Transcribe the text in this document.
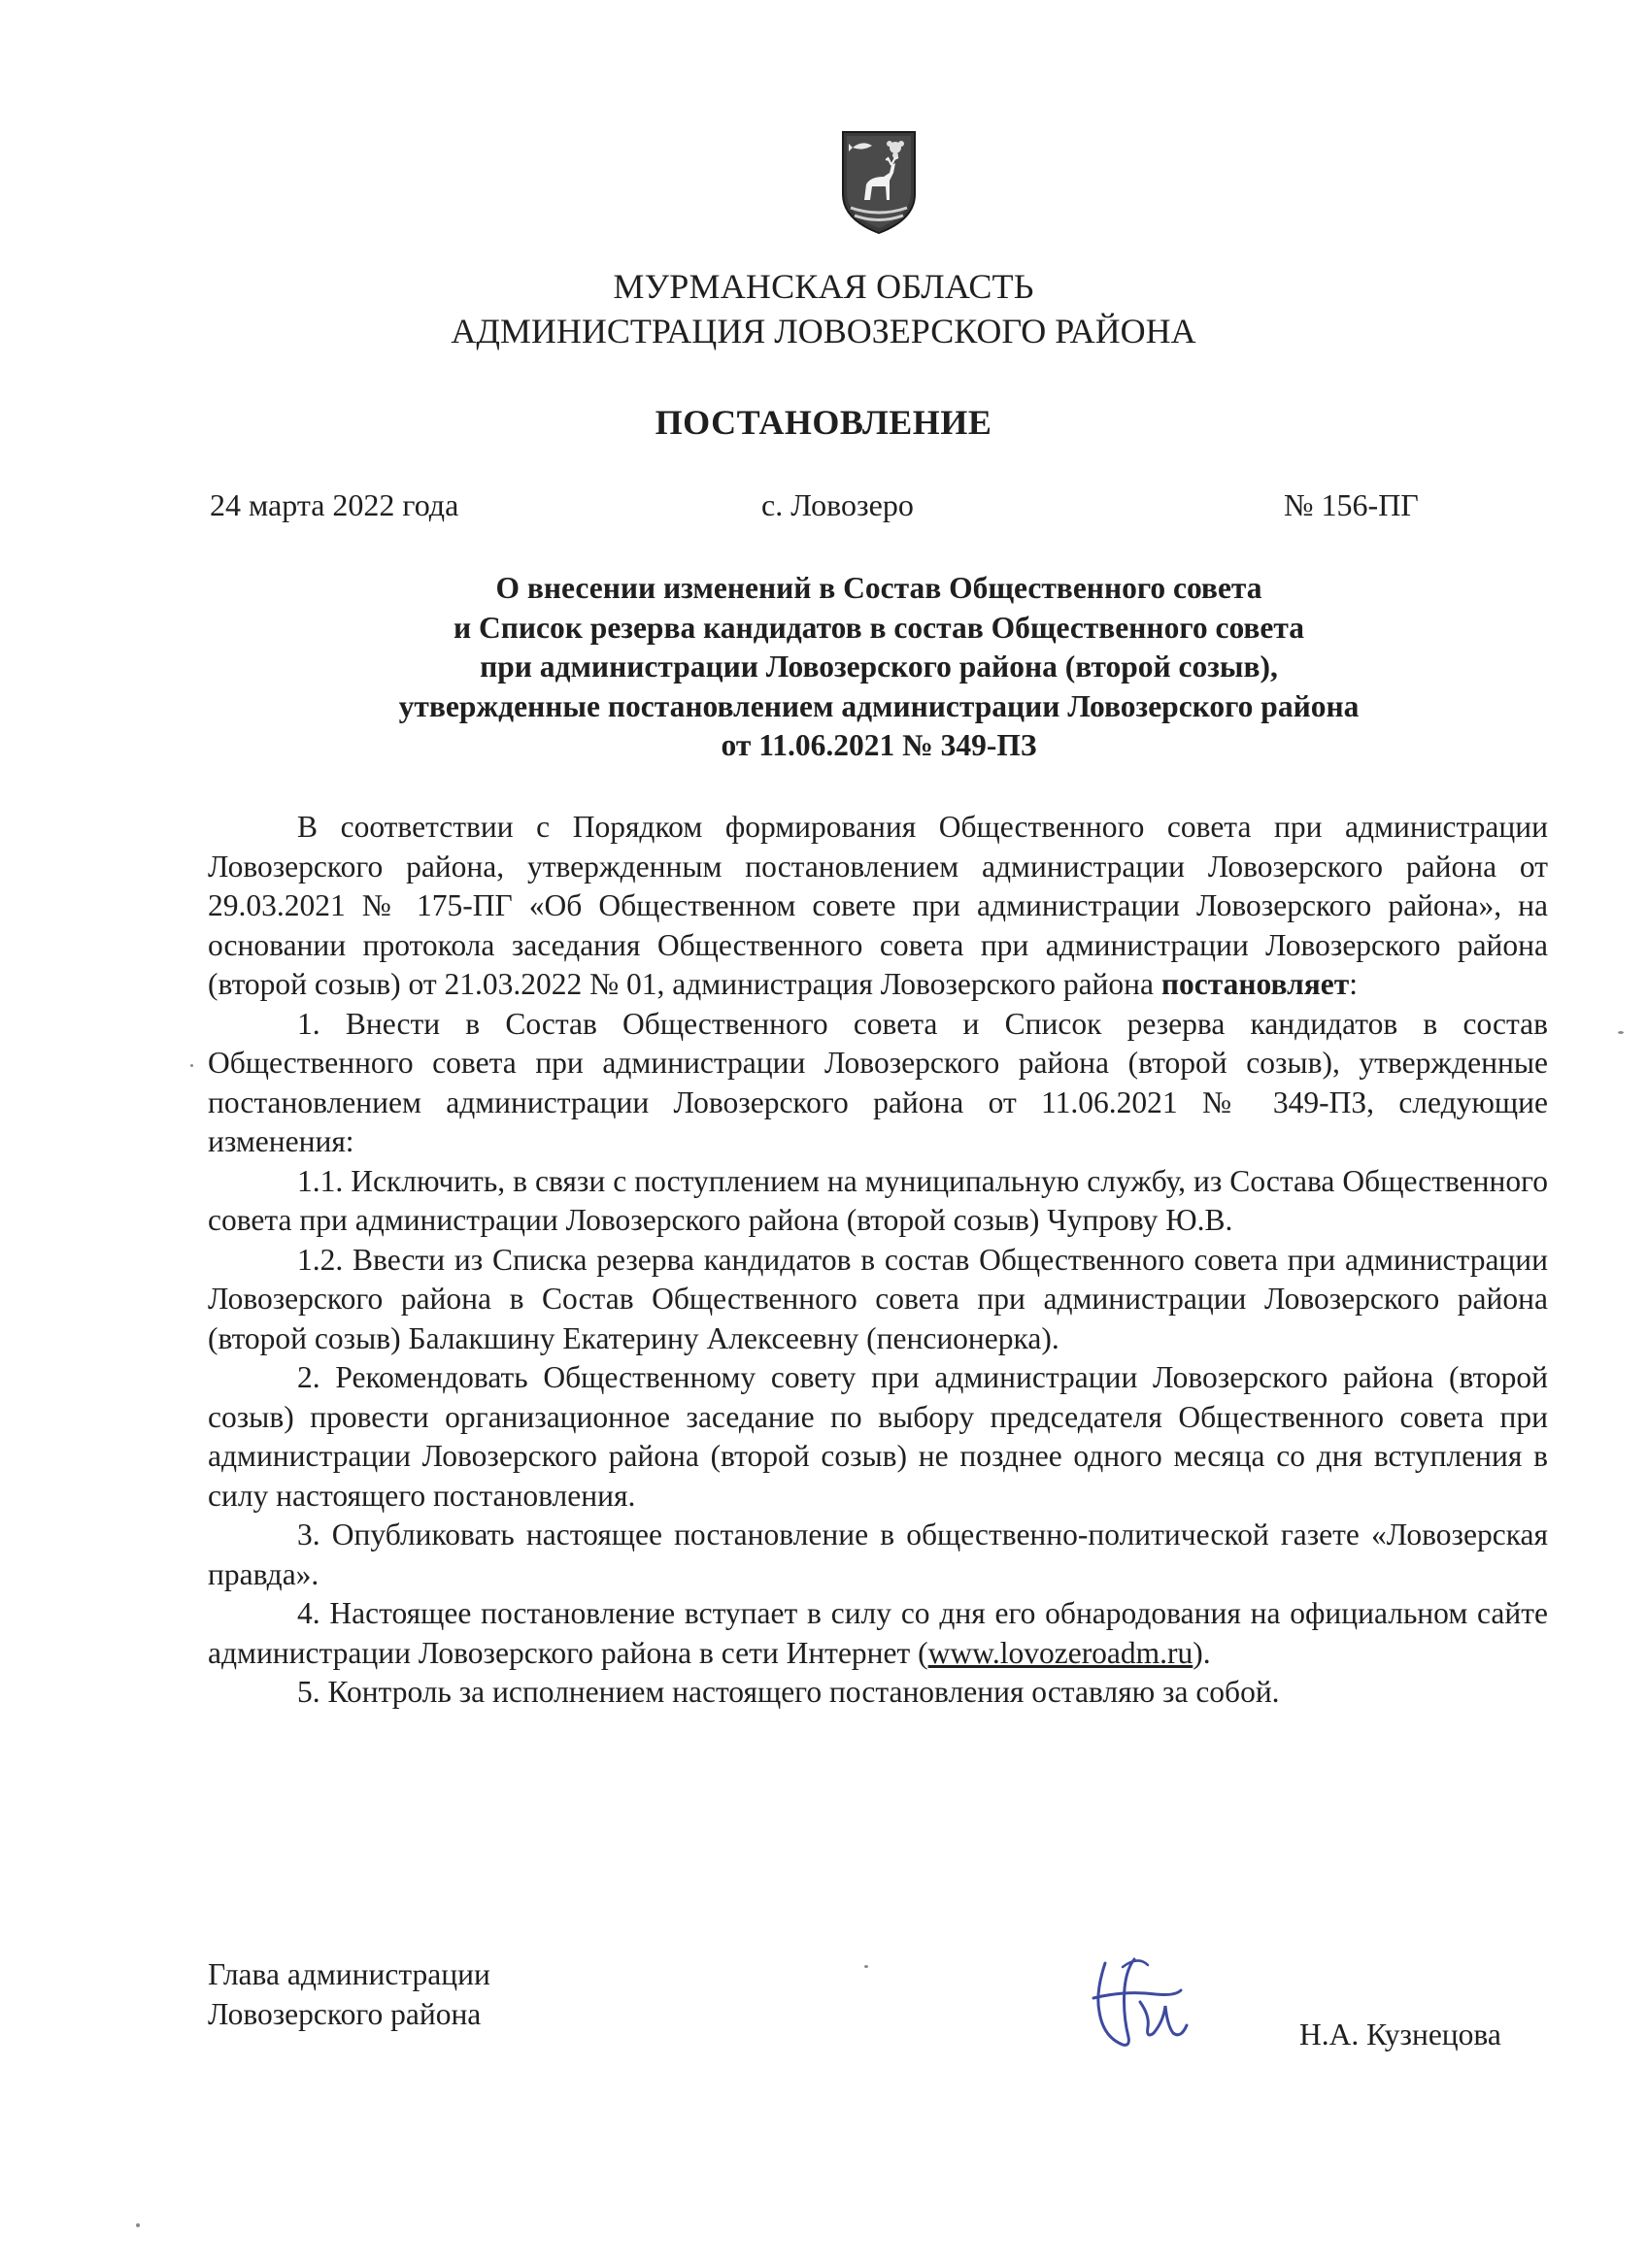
МУРМАНСКАЯ ОБЛАСТЬ
АДМИНИСТРАЦИЯ ЛОВОЗЕРСКОГО РАЙОНА
ПОСТАНОВЛЕНИЕ
24 марта 2022 года	с. Ловозеро	№ 156-ПГ
О внесении изменений в Состав Общественного совета
и Список резерва кандидатов в состав Общественного совета
при администрации Ловозерского района (второй созыв),
утвержденные постановлением администрации Ловозерского района
от 11.06.2021 № 349-ПЗ

В соответствии с Порядком формирования Общественного совета при администрации Ловозерского района, утвержденным постановлением администрации Ловозерского района от 29.03.2021 № 175-ПГ «Об Общественном совете при администрации Ловозерского района», на основании протокола заседания Общественного совета при администрации Ловозерского района (второй созыв) от 21.03.2022 № 01, администрация Ловозерского района постановляет:

1. Внести в Состав Общественного совета и Список резерва кандидатов в состав Общественного совета при администрации Ловозерского района (второй созыв), утвержденные постановлением администрации Ловозерского района от 11.06.2021 № 349-ПЗ, следующие изменения:

1.1. Исключить, в связи с поступлением на муниципальную службу, из Состава Общественного совета при администрации Ловозерского района (второй созыв) Чупрову Ю.В.

1.2. Ввести из Списка резерва кандидатов в состав Общественного совета при администрации Ловозерского района в Состав Общественного совета при администрации Ловозерского района (второй созыв) Балакшину Екатерину Алексеевну (пенсионерка).

2. Рекомендовать Общественному совету при администрации Ловозерского района (второй созыв) провести организационное заседание по выбору председателя Общественного совета при администрации Ловозерского района (второй созыв) не позднее одного месяца со дня вступления в силу настоящего постановления.

3. Опубликовать настоящее постановление в общественно-политической газете «Ловозерская правда».

4. Настоящее постановление вступает в силу со дня его обнародования на официальном сайте администрации Ловозерского района в сети Интернет (www.lovozeroadm.ru).

5. Контроль за исполнением настоящего постановления оставляю за собой.

Глава администрации
Ловозерского района
Н.А. Кузнецова
